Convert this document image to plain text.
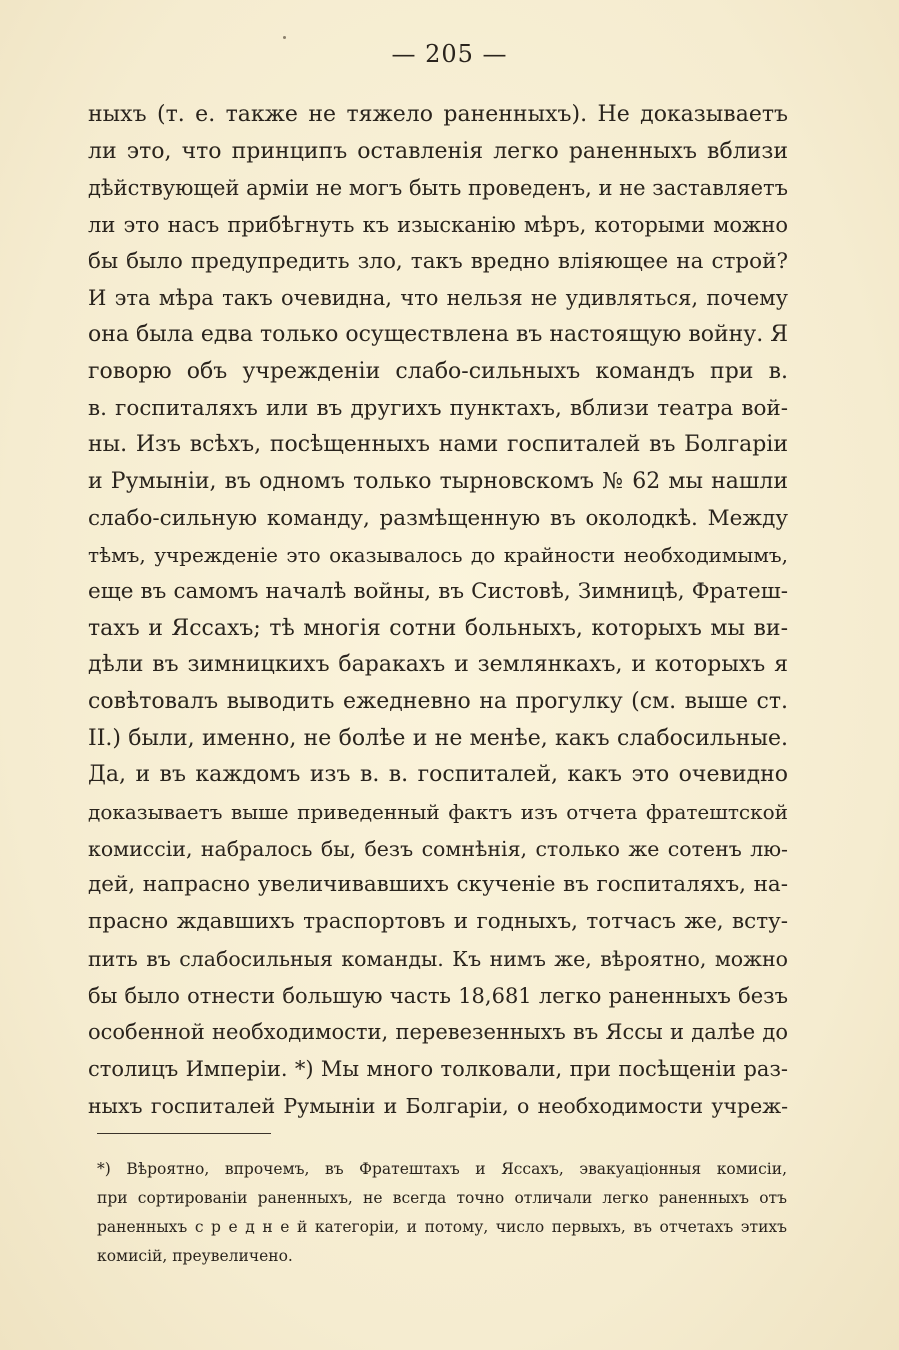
— 205 —
ныхъ (т. е. также не тяжело раненныхъ). Не доказываетъ
ли это, что принципъ оставленія легко раненныхъ вблизи
дѣйствующей арміи не могъ быть проведенъ, и не заставляетъ
ли это насъ прибѣгнуть къ изысканію мѣръ, которыми можно
бы было предупредить зло, такъ вредно вліяющее на строй?
И эта мѣра такъ очевидна, что нельзя не удивляться, почему
она была едва только осуществлена въ настоящую войну. Я
говорю объ учрежденіи слабо-сильныхъ командъ при в.
в. госпиталяхъ или въ другихъ пунктахъ, вблизи театра вой-
ны. Изъ всѣхъ, посѣщенныхъ нами госпиталей въ Болгаріи
и Румыніи, въ одномъ только тырновскомъ № 62 мы нашли
слабо-сильную команду, размѣщенную въ околодкѣ. Между
тѣмъ, учрежденіе это оказывалось до крайности необходимымъ,
еще въ самомъ началѣ войны, въ Систовѣ, Зимницѣ, Фратеш-
тахъ и Яссахъ; тѣ многія сотни больныхъ, которыхъ мы ви-
дѣли въ зимницкихъ баракахъ и землянкахъ, и которыхъ я
совѣтовалъ выводить ежедневно на прогулку (см. выше ст.
II.) были, именно, не болѣе и не менѣе, какъ слабосильные.
Да, и въ каждомъ изъ в. в. госпиталей, какъ это очевидно
доказываетъ выше приведенный фактъ изъ отчета фратештской
комиссіи, набралось бы, безъ сомнѣнія, столько же сотенъ лю-
дей, напрасно увеличивавшихъ скученіе въ госпиталяхъ, на-
прасно ждавшихъ траспортовъ и годныхъ, тотчасъ же, всту-
пить въ слабосильныя команды. Къ нимъ же, вѣроятно, можно
бы было отнести большую часть 18,681 легко раненныхъ безъ
особенной необходимости, перевезенныхъ въ Яссы и далѣе до
столицъ Имперіи. *) Мы много толковали, при посѣщеніи раз-
ныхъ госпиталей Румыніи и Болгаріи, о необходимости учреж-
*) Вѣроятно, впрочемъ, въ Фратештахъ и Яссахъ, эвакуаціонныя комисіи,
при сортированіи раненныхъ, не всегда точно отличали легко раненныхъ отъ
раненныхъ с р е д н е й категоріи, и потому, число первыхъ, въ отчетахъ этихъ
комисій, преувеличено.
